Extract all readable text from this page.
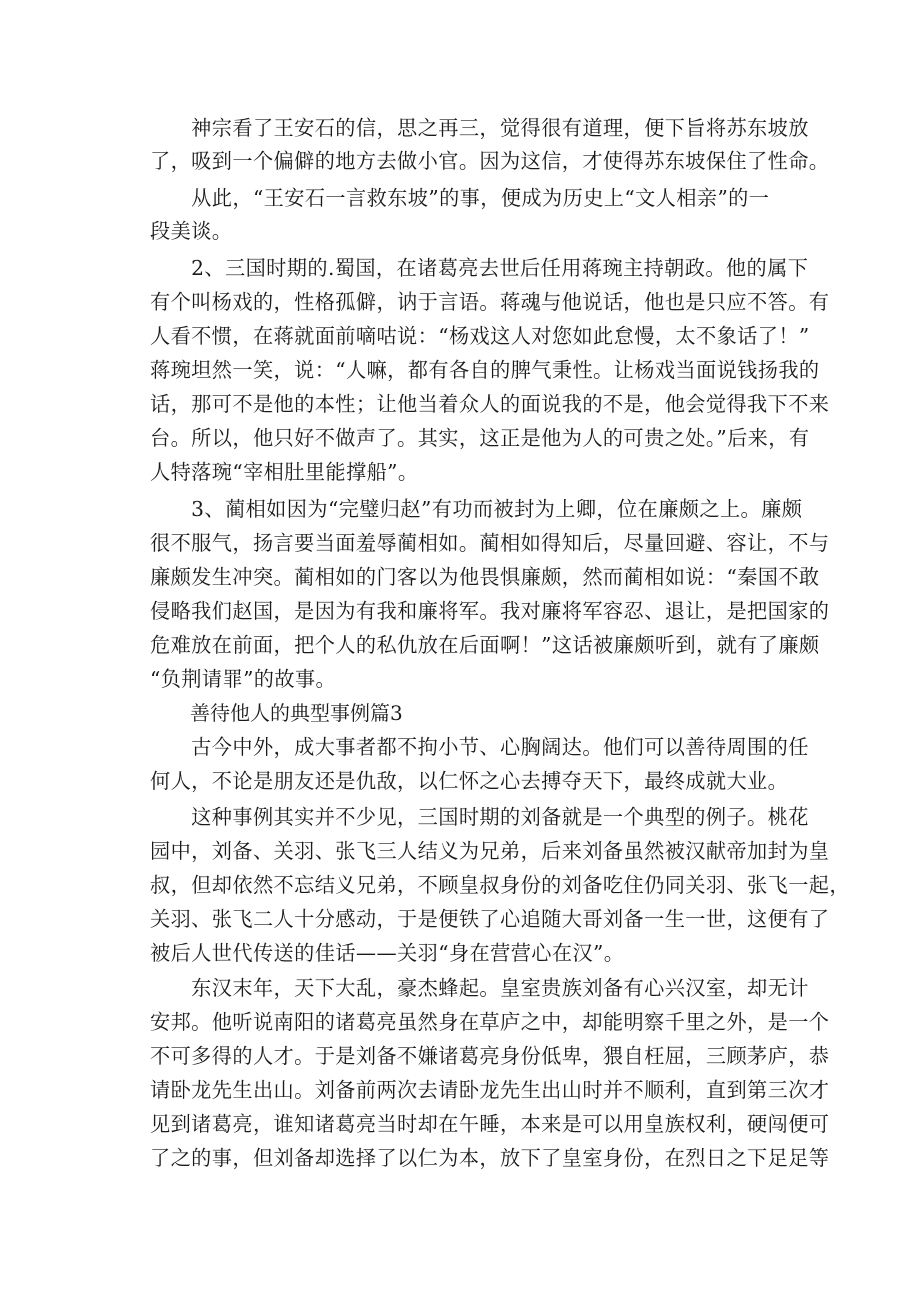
　　神宗看了王安石的信，思之再三，觉得很有道理，便下旨将苏东坡放
了，吸到一个偏僻的地方去做小官。因为这信，才使得苏东坡保住了性命。
　　从此，“王安石一言救东坡”的事，便成为历史上“文人相亲”的一
段美谈。
　　2、三国时期的.蜀国，在诸葛亮去世后任用蒋琬主持朝政。他的属下
有个叫杨戏的，性格孤僻，讷于言语。蒋魂与他说话，他也是只应不答。有
人看不惯，在蒋就面前嘀咕说：“杨戏这人对您如此怠慢，太不象话了！”
蒋琬坦然一笑，说：“人嘛，都有各自的脾气秉性。让杨戏当面说钱扬我的
话，那可不是他的本性；让他当着众人的面说我的不是，他会觉得我下不来
台。所以，他只好不做声了。其实，这正是他为人的可贵之处。”后来，有
人特落琬“宰相肚里能撑船”。
　　3、蔺相如因为“完璧归赵”有功而被封为上卿，位在廉颇之上。廉颇
很不服气，扬言要当面羞辱蔺相如。蔺相如得知后，尽量回避、容让，不与
廉颇发生冲突。蔺相如的门客以为他畏惧廉颇，然而蔺相如说：“秦国不敢
侵略我们赵国，是因为有我和廉将军。我对廉将军容忍、退让，是把国家的
危难放在前面，把个人的私仇放在后面啊！”这话被廉颇听到，就有了廉颇
“负荆请罪”的故事。
善待他人的典型事例篇3
　　古今中外，成大事者都不拘小节、心胸阔达。他们可以善待周围的任
何人，不论是朋友还是仇敌，以仁怀之心去搏夺天下，最终成就大业。
　　这种事例其实并不少见，三国时期的刘备就是一个典型的例子。桃花
园中，刘备、关羽、张飞三人结义为兄弟，后来刘备虽然被汉献帝加封为皇
叔，但却依然不忘结义兄弟，不顾皇叔身份的刘备吃住仍同关羽、张飞一起，
关羽、张飞二人十分感动，于是便铁了心追随大哥刘备一生一世，这便有了
被后人世代传送的佳话——关羽“身在营营心在汉”。
　　东汉末年，天下大乱，豪杰蜂起。皇室贵族刘备有心兴汉室，却无计
安邦。他听说南阳的诸葛亮虽然身在草庐之中，却能明察千里之外，是一个
不可多得的人才。于是刘备不嫌诸葛亮身份低卑，猥自枉屈，三顾茅庐，恭
请卧龙先生出山。刘备前两次去请卧龙先生出山时并不顺利，直到第三次才
见到诸葛亮，谁知诸葛亮当时却在午睡，本来是可以用皇族权利，硬闯便可
了之的事，但刘备却选择了以仁为本，放下了皇室身份，在烈日之下足足等
